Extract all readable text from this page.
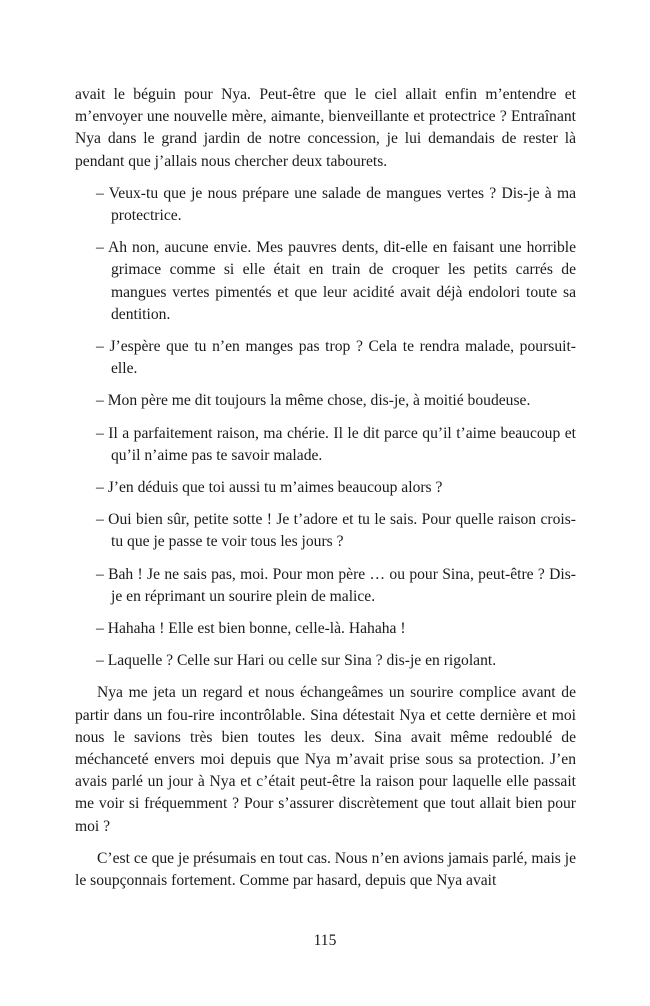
avait le béguin pour Nya. Peut-être que le ciel allait enfin m’entendre et m’envoyer une nouvelle mère, aimante, bienveillante et protectrice ? Entraînant Nya dans le grand jardin de notre concession, je lui demandais de rester là pendant que j’allais nous chercher deux tabourets.

– Veux-tu que je nous prépare une salade de mangues vertes ? Dis-je à ma protectrice.

– Ah non, aucune envie. Mes pauvres dents, dit-elle en faisant une horrible grimace comme si elle était en train de croquer les petits carrés de mangues vertes pimentés et que leur acidité avait déjà endolori toute sa dentition.

– J’espère que tu n’en manges pas trop ? Cela te rendra malade, poursuit-elle.

– Mon père me dit toujours la même chose, dis-je, à moitié boudeuse.

– Il a parfaitement raison, ma chérie. Il le dit parce qu’il t’aime beaucoup et qu’il n’aime pas te savoir malade.

– J’en déduis que toi aussi tu m’aimes beaucoup alors ?

– Oui bien sûr, petite sotte ! Je t’adore et tu le sais. Pour quelle raison crois-tu que je passe te voir tous les jours ?

– Bah ! Je ne sais pas, moi. Pour mon père … ou pour Sina, peut-être ? Dis-je en réprimant un sourire plein de malice.

– Hahaha ! Elle est bien bonne, celle-là. Hahaha !

– Laquelle ? Celle sur Hari ou celle sur Sina ? dis-je en rigolant.

Nya me jeta un regard et nous échangeâmes un sourire complice avant de partir dans un fou-rire incontrôlable. Sina détestait Nya et cette dernière et moi nous le savions très bien toutes les deux. Sina avait même redoublé de méchanceté envers moi depuis que Nya m’avait prise sous sa protection. J’en avais parlé un jour à Nya et c’était peut-être la raison pour laquelle elle passait me voir si fréquemment ? Pour s’assurer discrètement que tout allait bien pour moi ?

C’est ce que je présumais en tout cas. Nous n’en avions jamais parlé, mais je le soupçonnais fortement. Comme par hasard, depuis que Nya avait

115
